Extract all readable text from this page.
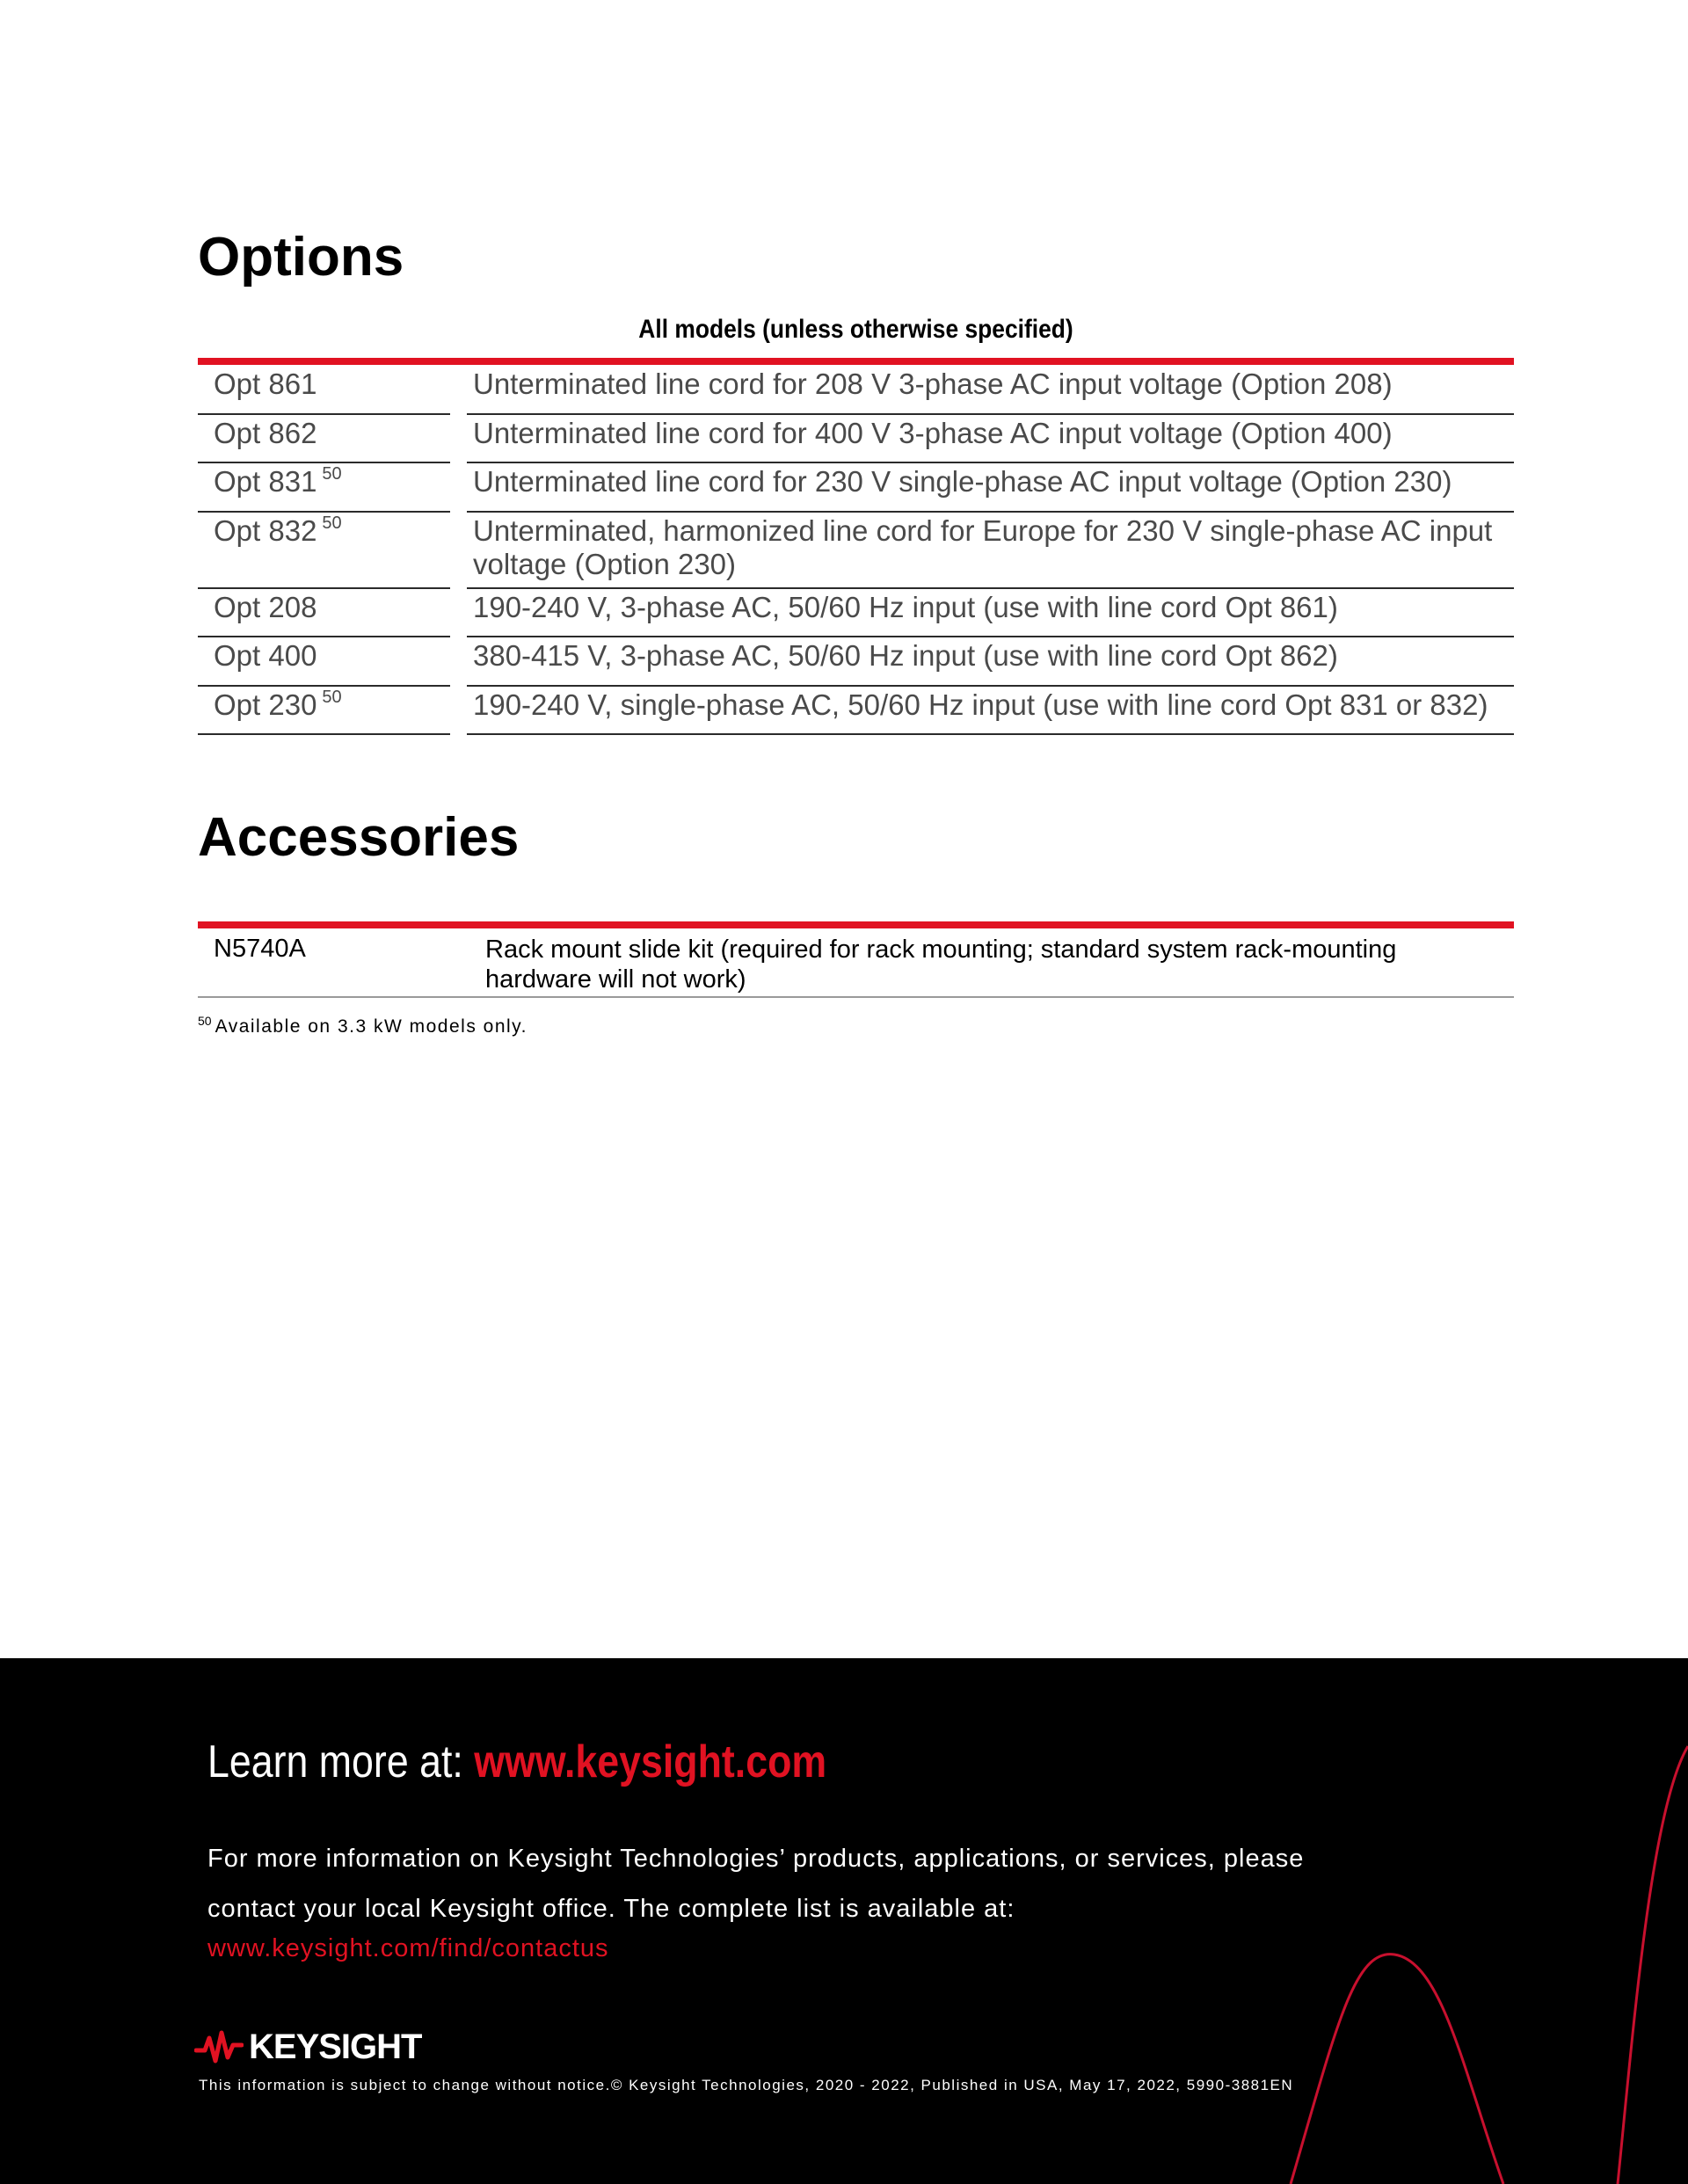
Options
All models (unless otherwise specified)
Opt 861	Unterminated line cord for 208 V 3-phase AC input voltage (Option 208)
Opt 862	Unterminated line cord for 400 V 3-phase AC input voltage (Option 400)
Opt 831 $^{50}$	Unterminated line cord for 230 V single-phase AC input voltage (Option 230)
Opt 832 $^{50}$	Unterminated, harmonized line cord for Europe for 230 V single-phase AC input voltage (Option 230)
Opt 208	190-240 V, 3-phase AC, 50/60 Hz input (use with line cord Opt 861)
Opt 400	380-415 V, 3-phase AC, 50/60 Hz input (use with line cord Opt 862)
Opt 230 $^{50}$	190-240 V, single-phase AC, 50/60 Hz input (use with line cord Opt 831 or 832)
Accessories
N5740A	Rack mount slide kit (required for rack mounting; standard system rack-mounting hardware will not work)
$^{50}$ Available on 3.3 kW models only.
Learn more at: www.keysight.com
For more information on Keysight Technologies’ products, applications, or services, please contact your local Keysight office. The complete list is available at:
www.keysight.com/find/contactus
KEYSIGHT
This information is subject to change without notice.© Keysight Technologies, 2020 - 2022, Published in USA, May 17, 2022, 5990-3881EN
